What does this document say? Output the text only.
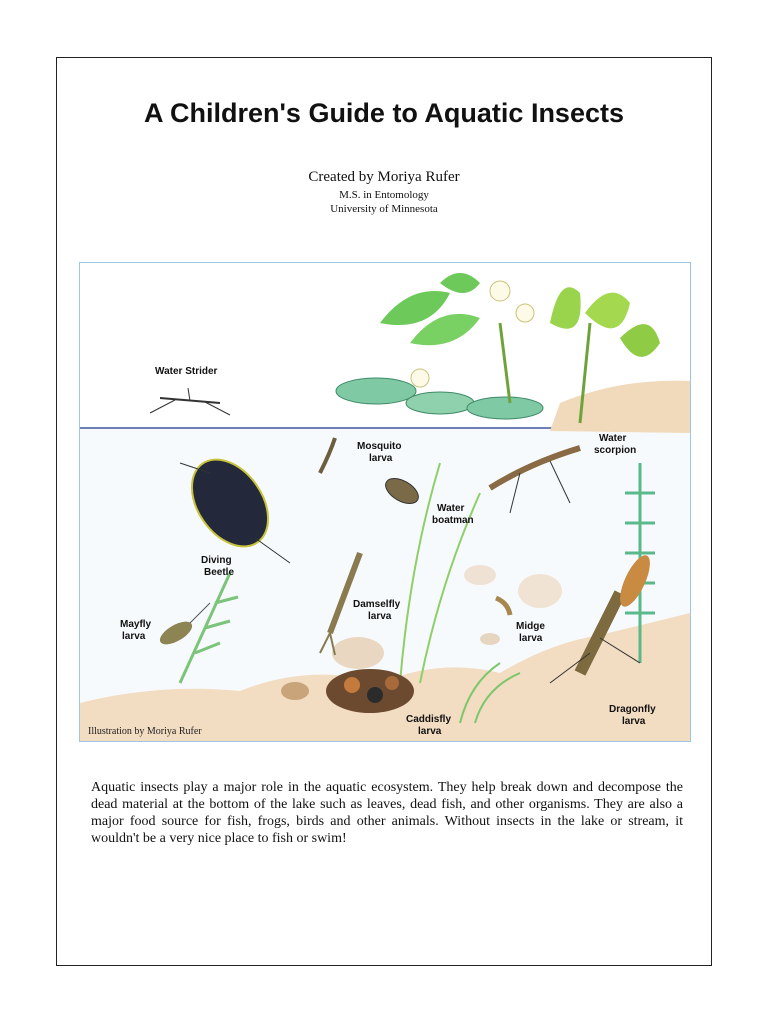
A Children's Guide to Aquatic Insects
Created by Moriya Rufer
M.S. in Entomology
University of Minnesota
Water Strider
Mosquito
larva
Water
scorpion
Water
boatman
Diving
Beetle
Damselfly
larva
Midge
larva
Mayfly
larva
Caddisfly
larva
Dragonfly
larva
Illustration by Moriya Rufer
Aquatic insects play a major role in the aquatic ecosystem. They help break down and decompose the dead material at the bottom of the lake such as leaves, dead fish, and other organisms. They are also a major food source for fish, frogs, birds and other animals. Without insects in the lake or stream, it wouldn't be a very nice place to fish or swim!
